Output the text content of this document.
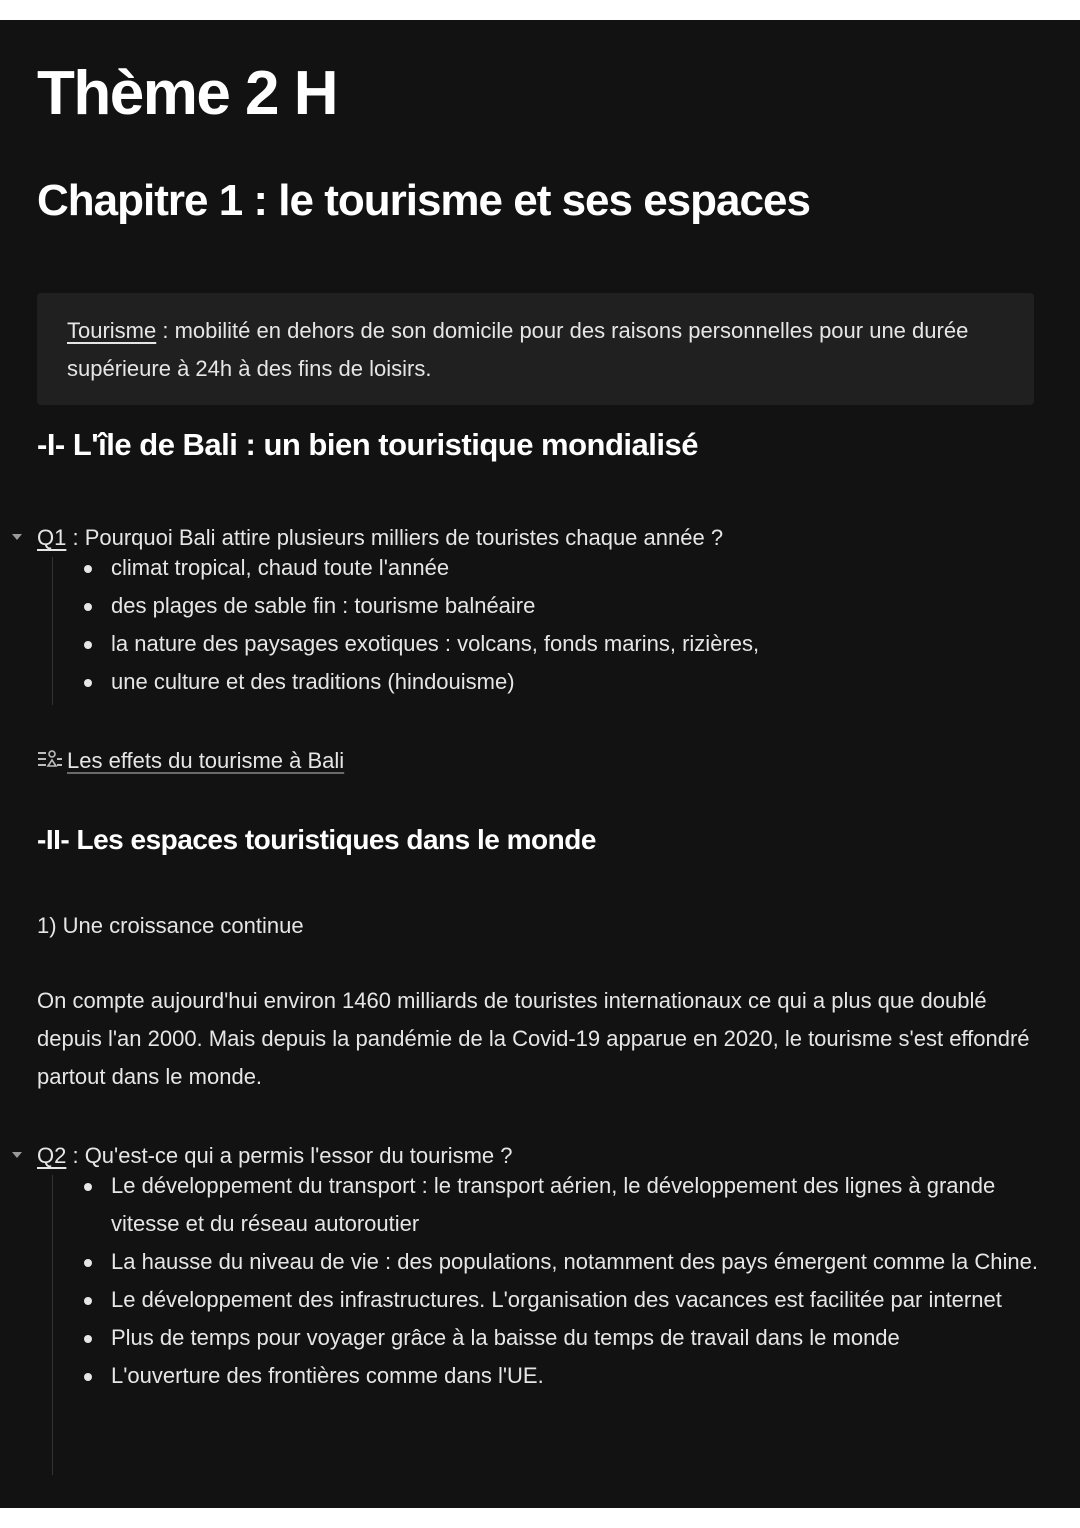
Thème 2 H
Chapitre 1 : le tourisme et ses espaces
Tourisme : mobilité en dehors de son domicile pour des raisons personnelles pour une durée supérieure à 24h à des fins de loisirs.
-I- L'île de Bali : un bien touristique mondialisé
Q1 : Pourquoi Bali attire plusieurs milliers de touristes chaque année ?
climat tropical, chaud toute l'année
des plages de sable fin : tourisme balnéaire
la nature des paysages exotiques : volcans, fonds marins, rizières,
une culture et des traditions (hindouisme)
Les effets du tourisme à Bali
-II- Les espaces touristiques dans le monde

1) Une croissance continue

On compte aujourd'hui environ 1460 milliards de touristes internationaux ce qui a plus que doublé depuis l'an 2000. Mais depuis la pandémie de la Covid-19 apparue en 2020, le tourisme s'est effondré partout dans le monde.

Q2 : Qu'est-ce qui a permis l'essor du tourisme ?
Le développement du transport : le transport aérien, le développement des lignes à grande vitesse et du réseau autoroutier
La hausse du niveau de vie : des populations, notamment des pays émergent comme la Chine.
Le développement des infrastructures. L'organisation des vacances est facilitée par internet
Plus de temps pour voyager grâce à la baisse du temps de travail dans le monde
L'ouverture des frontières comme dans l'UE.
